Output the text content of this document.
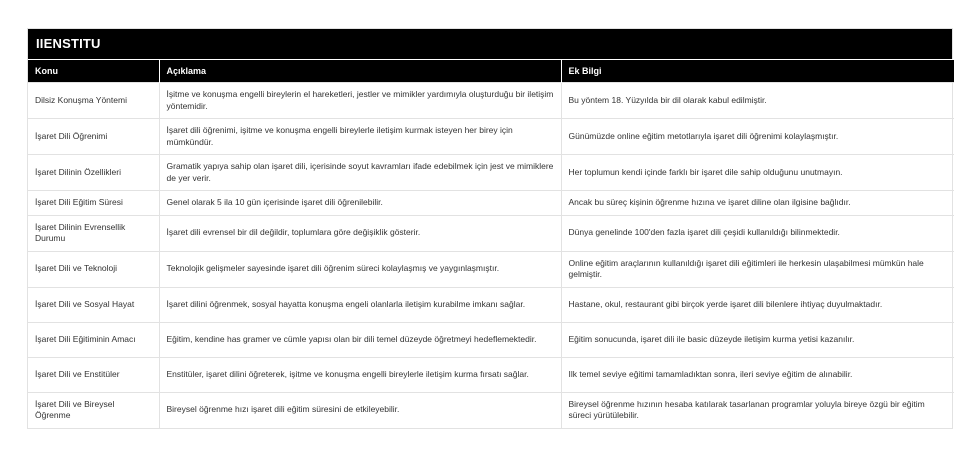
IIENSTITU
Konu	Açıklama	Ek Bilgi
Dilsiz Konuşma Yöntemi	İşitme ve konuşma engelli bireylerin el hareketleri, jestler ve mimikler yardımıyla oluşturduğu bir iletişim yöntemidir.	Bu yöntem 18. Yüzyılda bir dil olarak kabul edilmiştir.
İşaret Dili Öğrenimi	İşaret dili öğrenimi, işitme ve konuşma engelli bireylerle iletişim kurmak isteyen her birey için mümkündür.	Günümüzde online eğitim metotlarıyla işaret dili öğrenimi kolaylaşmıştır.
İşaret Dilinin Özellikleri	Gramatik yapıya sahip olan işaret dili, içerisinde soyut kavramları ifade edebilmek için jest ve mimiklere de yer verir.	Her toplumun kendi içinde farklı bir işaret dile sahip olduğunu unutmayın.
İşaret Dili Eğitim Süresi	Genel olarak 5 ila 10 gün içerisinde işaret dili öğrenilebilir.	Ancak bu süreç kişinin öğrenme hızına ve işaret diline olan ilgisine bağlıdır.
İşaret Dilinin Evrensellik Durumu	İşaret dili evrensel bir dil değildir, toplumlara göre değişiklik gösterir.	Dünya genelinde 100'den fazla işaret dili çeşidi kullanıldığı bilinmektedir.
İşaret Dili ve Teknoloji	Teknolojik gelişmeler sayesinde işaret dili öğrenim süreci kolaylaşmış ve yaygınlaşmıştır.	Online eğitim araçlarının kullanıldığı işaret dili eğitimleri ile herkesin ulaşabilmesi mümkün hale gelmiştir.
İşaret Dili ve Sosyal Hayat	İşaret dilini öğrenmek, sosyal hayatta konuşma engeli olanlarla iletişim kurabilme imkanı sağlar.	Hastane, okul, restaurant gibi birçok yerde işaret dili bilenlere ihtiyaç duyulmaktadır.
İşaret Dili Eğitiminin Amacı	Eğitim, kendine has gramer ve cümle yapısı olan bir dili temel düzeyde öğretmeyi hedeflemektedir.	Eğitim sonucunda, işaret dili ile basic düzeyde iletişim kurma yetisi kazanılır.
İşaret Dili ve Enstitüler	Enstitüler, işaret dilini öğreterek, işitme ve konuşma engelli bireylerle iletişim kurma fırsatı sağlar.	Ilk temel seviye eğitimi tamamladıktan sonra, ileri seviye eğitim de alınabilir.
İşaret Dili ve Bireysel Öğrenme	Bireysel öğrenme hızı işaret dili eğitim süresini de etkileyebilir.	Bireysel öğrenme hızının hesaba katılarak tasarlanan programlar yoluyla bireye özgü bir eğitim süreci yürütülebilir.
